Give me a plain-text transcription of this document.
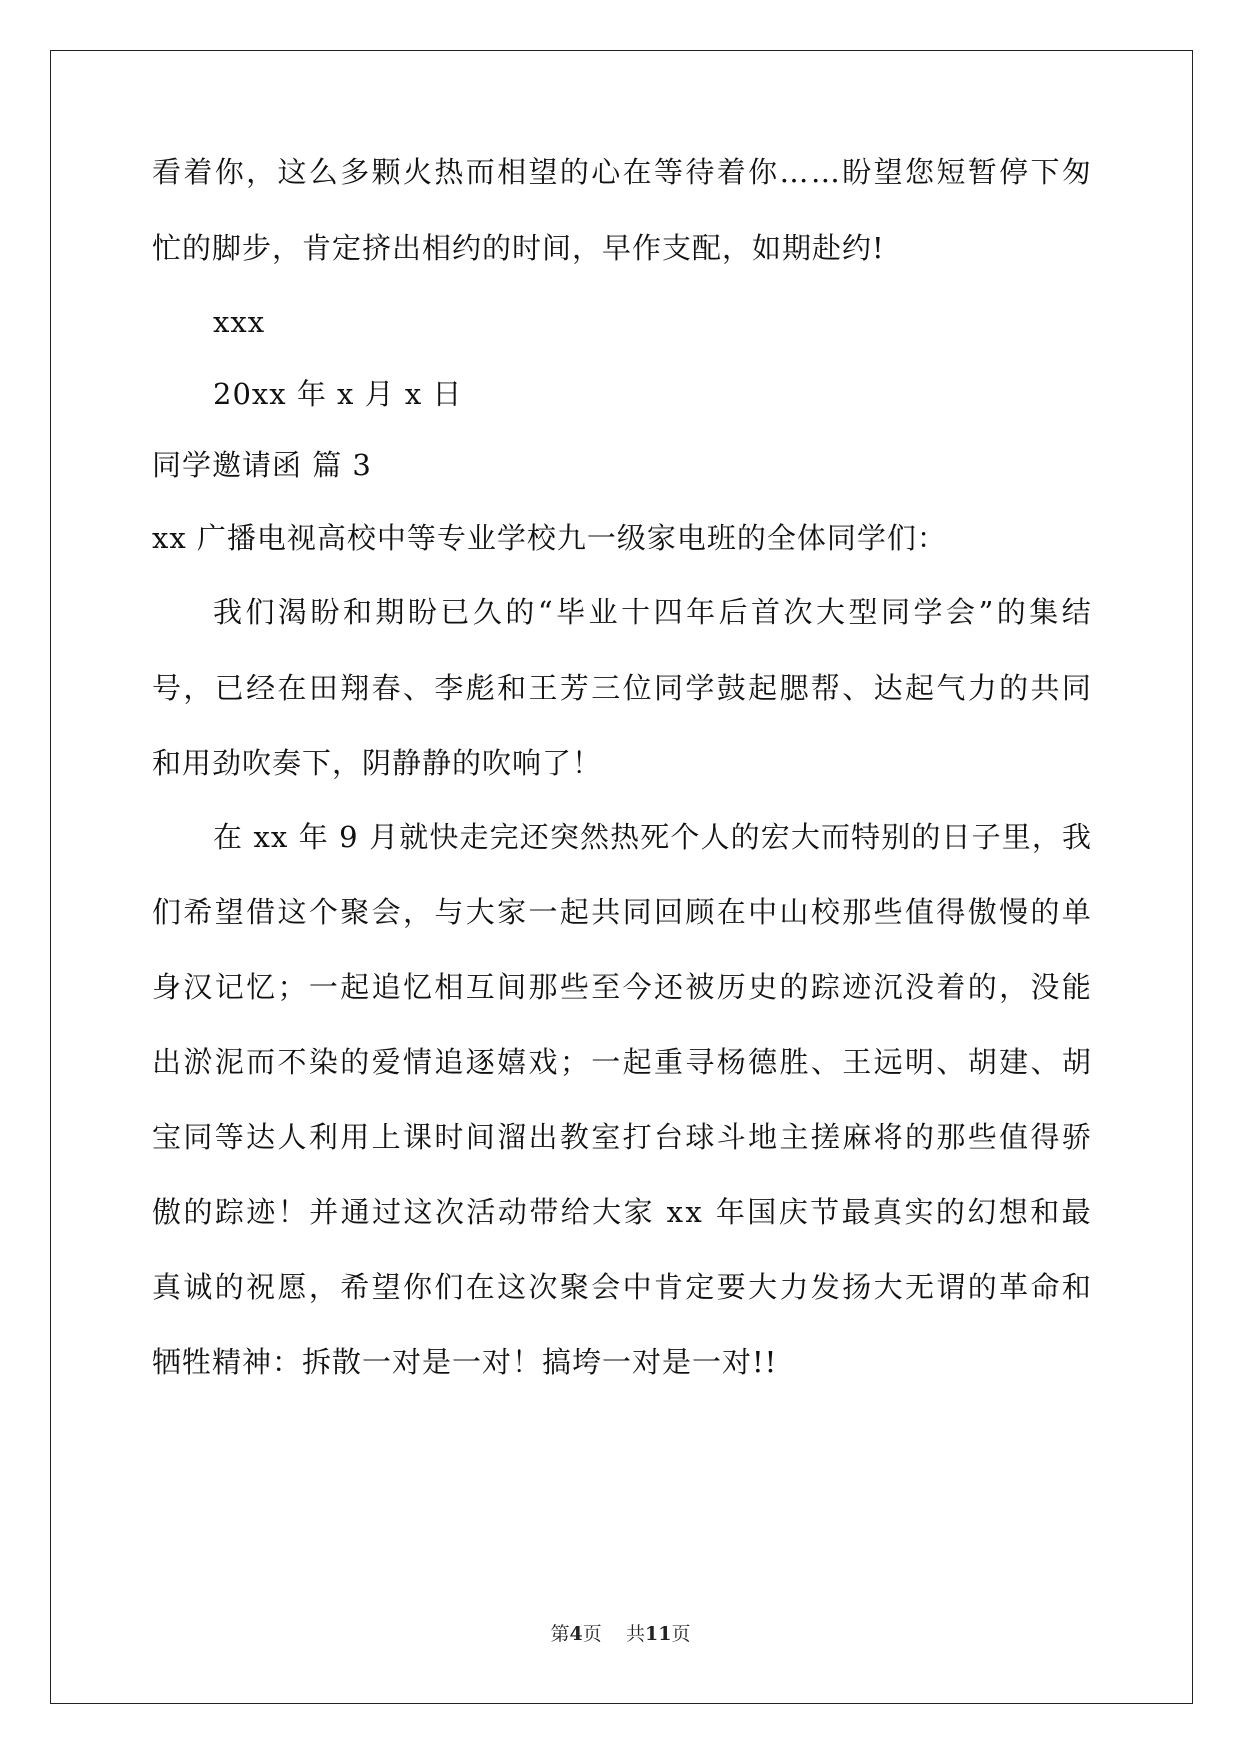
看 着 你 ， 这 么 多 颗 火 热 而 相 望 的 心 在 等 待 着 你 … … 盼 望 您 短 暂 停 下 匆
忙的脚步，肯定挤出相约的时间，早作支配，如期赴约!
xxx
20xx 年 x 月 x 日
同学邀请函 篇 3
xx 广播电视高校中等专业学校九一级家电班的全体同学们：
我 们 渴 盼 和 期 盼 已 久 的 “ 毕 业 十 四 年 后 首 次 大 型 同 学 会 ” 的 集 结
号 ， 已 经 在 田 翔 春 、 李 彪 和 王 芳 三 位 同 学 鼓 起 腮 帮 、 达 起 气 力 的 共 同
和用劲吹奏下，阴静静的吹响了！
在
x x
年
9
月 就 快 走 完 还 突 然 热 死 个 人 的 宏 大 而 特 别 的 日 子 里 ， 我
们 希 望 借 这 个 聚 会 ， 与 大 家 一 起 共 同 回 顾 在 中 山 校 那 些 值 得 傲 慢 的 单
身 汉 记 忆 ； 一 起 追 忆 相 互 间 那 些 至 今 还 被 历 史 的 踪 迹 沉 没 着 的 ， 没 能
出 淤 泥 而 不 染 的 爱 情 追 逐 嬉 戏 ； 一 起 重 寻 杨 德 胜 、 王 远 明 、 胡 建 、 胡
宝 同 等 达 人 利 用 上 课 时 间 溜 出 教 室 打 台 球 斗 地 主 搓 麻 将 的 那 些 值 得 骄
傲 的 踪 迹 ！ 并 通 过 这 次 活 动 带 给 大 家
x x
年 国 庆 节 最 真 实 的 幻 想 和 最
真 诚 的 祝 愿 ， 希 望 你 们 在 这 次 聚 会 中 肯 定 要 大 力 发 扬 大 无 谓 的 革 命 和
牺牲精神：拆散一对是一对！搞垮一对是一对!!
第4页 共11页
